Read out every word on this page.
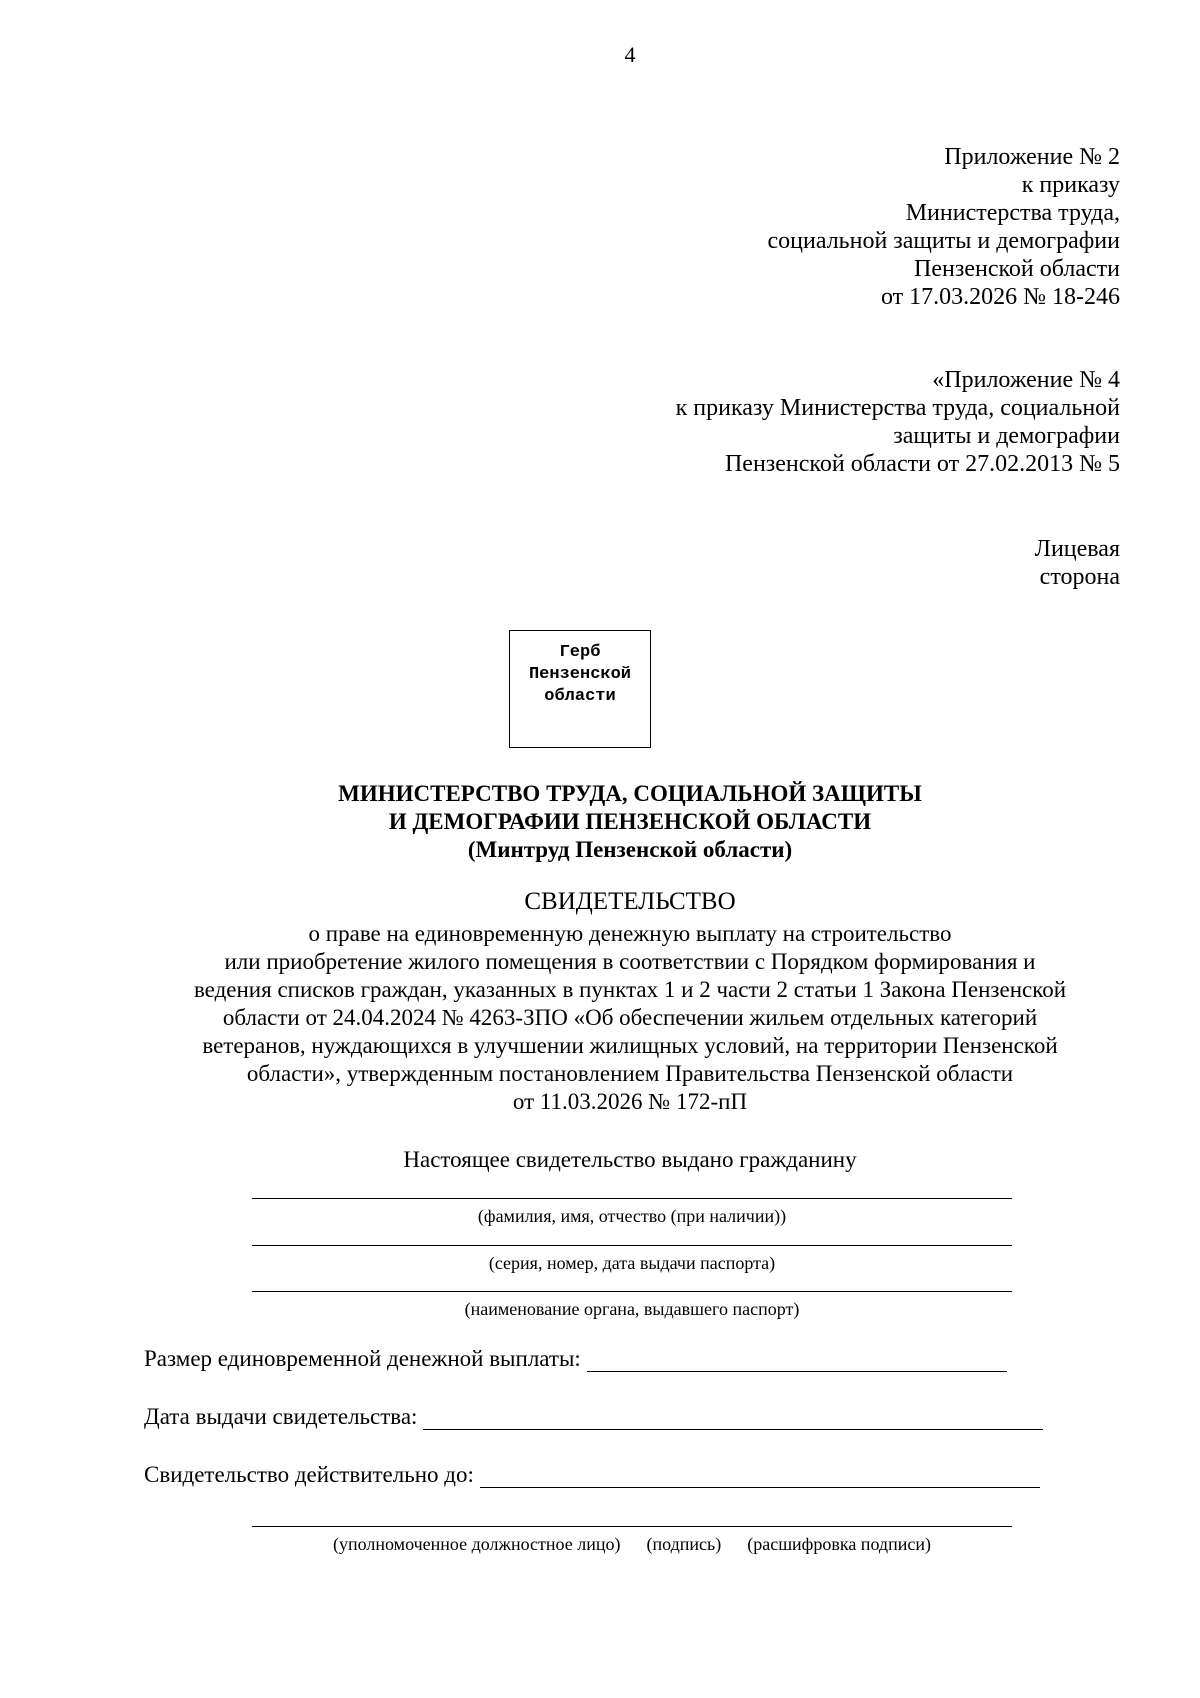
4
Приложение № 2
к приказу
Министерства труда,
социальной защиты и демографии
Пензенской области
от 17.03.2026 № 18-246
«Приложение № 4
к приказу Министерства труда, социальной
защиты и демографии
Пензенской области от 27.02.2013 № 5
Лицевая
сторона
Герб
Пензенской
области
МИНИСТЕРСТВО ТРУДА, СОЦИАЛЬНОЙ ЗАЩИТЫ
И ДЕМОГРАФИИ ПЕНЗЕНСКОЙ ОБЛАСТИ
(Минтруд Пензенской области)
СВИДЕТЕЛЬСТВО
о праве на единовременную денежную выплату на строительство
или приобретение жилого помещения в соответствии с Порядком формирования и
ведения списков граждан, указанных в пунктах 1 и 2 части 2 статьи 1 Закона Пензенской
области от 24.04.2024 № 4263-ЗПО «Об обеспечении жильем отдельных категорий
ветеранов, нуждающихся в улучшении жилищных условий, на территории Пензенской
области», утвержденным постановлением Правительства Пензенской области
от 11.03.2026 № 172-пП
Настоящее свидетельство выдано гражданину
(фамилия, имя, отчество (при наличии))
(серия, номер, дата выдачи паспорта)
(наименование органа, выдавшего паспорт)
Размер единовременной денежной выплаты:
Дата выдачи свидетельства:
Свидетельство действительно до:
(уполномоченное должностное лицо) (подпись) (расшифровка подписи)
